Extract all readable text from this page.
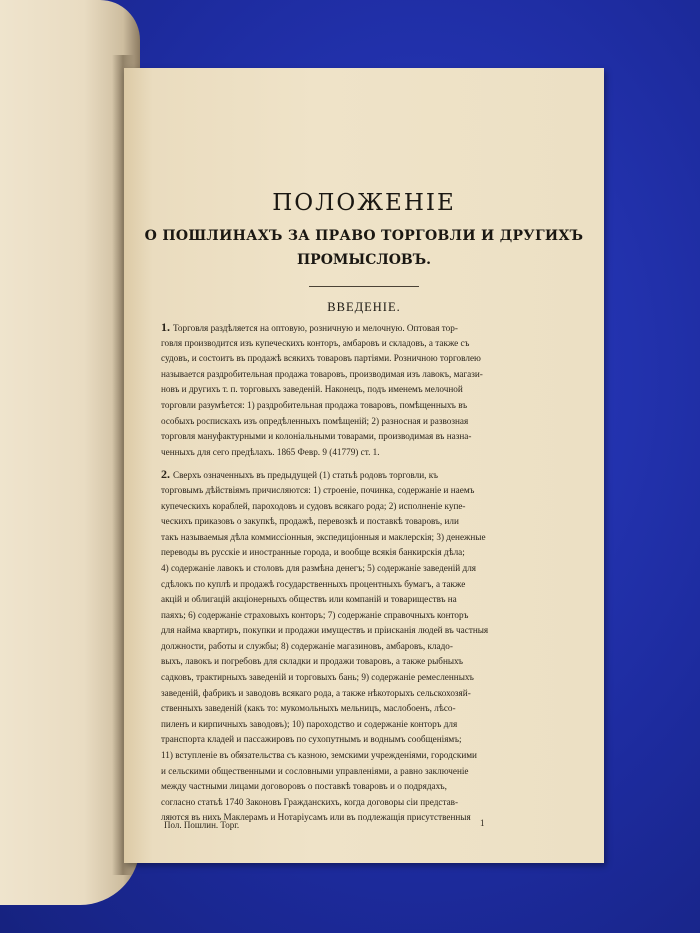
ПОЛОЖЕНІЕ
О ПОШЛИНАХЪ ЗА ПРАВО ТОРГОВЛИ И ДРУГИХЪ
ПРОМЫСЛОВЪ.
ВВЕДЕНІЕ.
1. Торговля раздѣляется на оптовую, розничную и мелочную. Оптовая тор-
говля производится изъ купеческихъ конторъ, амбаровъ и складовъ, а также съ
судовъ, и состоитъ въ продажѣ всякихъ товаровъ партіями. Розничною торговлею
называется раздробительная продажа товаровъ, производимая изъ лавокъ, магази-
новъ и другихъ т. п. торговыхъ заведеній. Наконецъ, подъ именемъ мелочной
торговли разумѣется: 1) раздробительная продажа товаровъ, помѣщенныхъ въ
особыхъ роспискахъ изъ опредѣленныхъ помѣщеній; 2) разносная и развозная
торговля мануфактурными и колоніальными товарами, производимая въ назна-
ченныхъ для сего предѣлахъ. 1865 Февр. 9 (41779) ст. 1.
2. Сверхъ означенныхъ въ предыдущей (1) статьѣ родовъ торговли, къ
торговымъ дѣйствіямъ причисляются: 1) строеніе, починка, содержаніе и наемъ
купеческихъ кораблей, пароходовъ и судовъ всякаго рода; 2) исполненіе купе-
ческихъ приказовъ о закупкѣ, продажѣ, перевозкѣ и поставкѣ товаровъ, или
такъ называемыя дѣла коммиссіонныя, экспедиціонныя и маклерскія; 3) денежные
переводы въ русскіе и иностранные города, и вообще всякія банкирскія дѣла;
4) содержаніе лавокъ и столовъ для размѣна денегъ; 5) содержаніе заведеній для
сдѣлокъ по куплѣ и продажѣ государственныхъ процентныхъ бумагъ, а также
акцій и облигацій акціонерныхъ обществъ или компаній и товариществъ на
паяхъ; 6) содержаніе страховыхъ конторъ; 7) содержаніе справочныхъ конторъ
для найма квартиръ, покупки и продажи имуществъ и пріисканія людей въ частныя
должности, работы и службы; 8) содержаніе магазиновъ, амбаровъ, кладо-
выхъ, лавокъ и погребовъ для складки и продажи товаровъ, а также рыбныхъ
садковъ, трактирныхъ заведеній и торговыхъ бань; 9) содержаніе ремесленныхъ
заведеній, фабрикъ и заводовъ всякаго рода, а также нѣкоторыхъ сельскохозяй-
ственныхъ заведеній (какъ то: мукомольныхъ мельницъ, маслобоенъ, лѣсо-
пиленъ и кирпичныхъ заводовъ); 10) пароходство и содержаніе конторъ для
транспорта кладей и пассажировъ по сухопутнымъ и воднымъ сообщеніямъ;
11) вступленіе въ обязательства съ казною, земскими учрежденіями, городскими
и сельскими общественными и сословными управленіями, а равно заключеніе
между частными лицами договоровъ о поставкѣ товаровъ и о подрядахъ,
согласно статьѣ 1740 Законовъ Гражданскихъ, когда договоры сіи представ-
ляются въ нихъ Маклерамъ и Нотаріусамъ или въ подлежащія присутственныя
Пол. Пошлин. Торг.	1
